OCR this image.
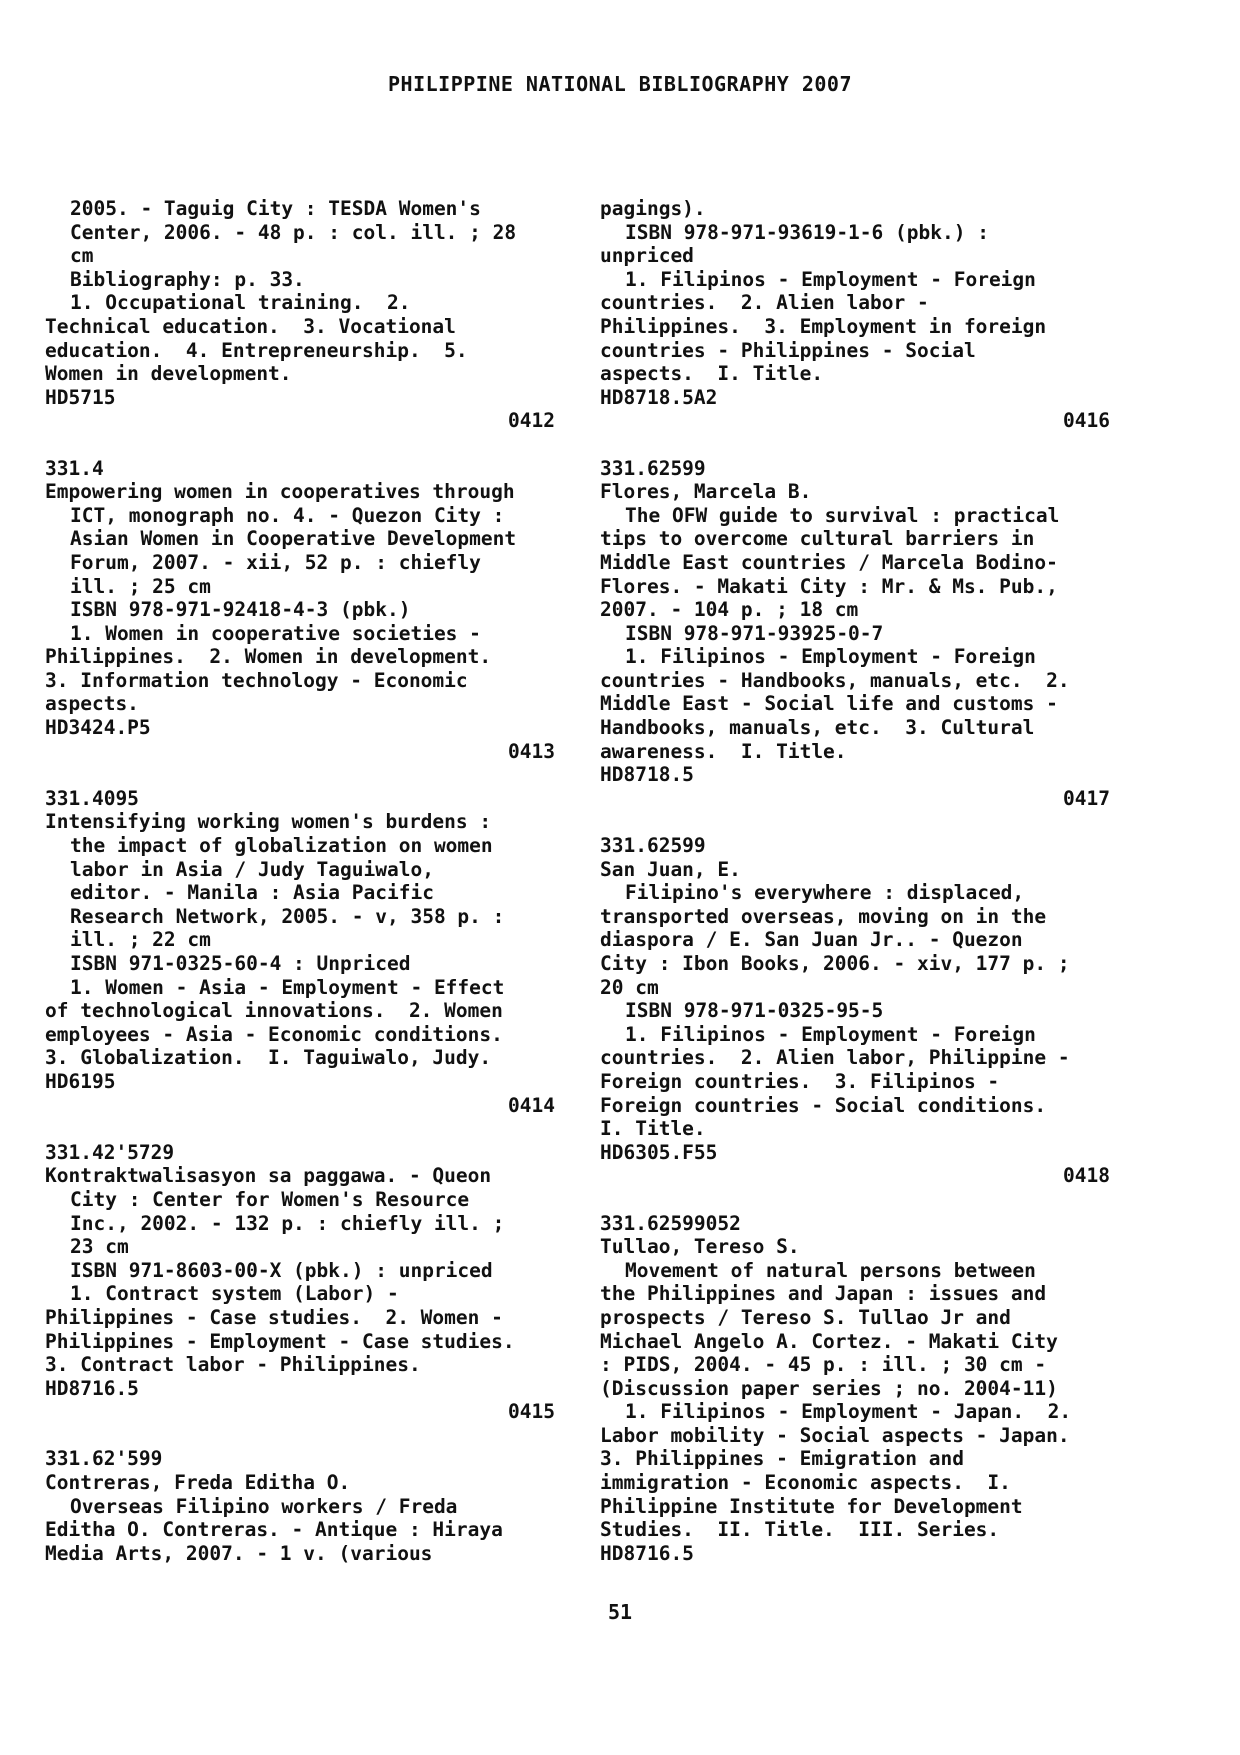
PHILIPPINE NATIONAL BIBLIOGRAPHY 2007
2005. - Taguig City : TESDA Women's
Center, 2006. - 48 p. : col. ill. ; 28
cm
Bibliography: p. 33.
1. Occupational training.  2.
Technical education.  3. Vocational
education.  4. Entrepreneurship.  5.
Women in development.
HD5715
0412
331.4
Empowering women in cooperatives through
ICT, monograph no. 4. - Quezon City :
Asian Women in Cooperative Development
Forum, 2007. - xii, 52 p. : chiefly
ill. ; 25 cm
ISBN 978-971-92418-4-3 (pbk.)
1. Women in cooperative societies -
Philippines.  2. Women in development.
3. Information technology - Economic
aspects.
HD3424.P5
0413
331.4095
Intensifying working women's burdens :
the impact of globalization on women
labor in Asia / Judy Taguiwalo,
editor. - Manila : Asia Pacific
Research Network, 2005. - v, 358 p. :
ill. ; 22 cm
ISBN 971-0325-60-4 : Unpriced
1. Women - Asia - Employment - Effect
of technological innovations.  2. Women
employees - Asia - Economic conditions.
3. Globalization.  I. Taguiwalo, Judy.
HD6195
0414
331.42'5729
Kontraktwalisasyon sa paggawa. - Queon
City : Center for Women's Resource
Inc., 2002. - 132 p. : chiefly ill. ;
23 cm
ISBN 971-8603-00-X (pbk.) : unpriced
1. Contract system (Labor) -
Philippines - Case studies.  2. Women -
Philippines - Employment - Case studies.
3. Contract labor - Philippines.
HD8716.5
0415
331.62'599
Contreras, Freda Editha O.
Overseas Filipino workers / Freda
Editha O. Contreras. - Antique : Hiraya
Media Arts, 2007. - 1 v. (various
pagings).
ISBN 978-971-93619-1-6 (pbk.) :
unpriced
1. Filipinos - Employment - Foreign
countries.  2. Alien labor -
Philippines.  3. Employment in foreign
countries - Philippines - Social
aspects.  I. Title.
HD8718.5A2
0416
331.62599
Flores, Marcela B.
The OFW guide to survival : practical
tips to overcome cultural barriers in
Middle East countries / Marcela Bodino-
Flores. - Makati City : Mr. & Ms. Pub.,
2007. - 104 p. ; 18 cm
ISBN 978-971-93925-0-7
1. Filipinos - Employment - Foreign
countries - Handbooks, manuals, etc.  2.
Middle East - Social life and customs -
Handbooks, manuals, etc.  3. Cultural
awareness.  I. Title.
HD8718.5
0417
331.62599
San Juan, E.
Filipino's everywhere : displaced,
transported overseas, moving on in the
diaspora / E. San Juan Jr.. - Quezon
City : Ibon Books, 2006. - xiv, 177 p. ;
20 cm
ISBN 978-971-0325-95-5
1. Filipinos - Employment - Foreign
countries.  2. Alien labor, Philippine -
Foreign countries.  3. Filipinos -
Foreign countries - Social conditions.
I. Title.
HD6305.F55
0418
331.62599052
Tullao, Tereso S.
Movement of natural persons between
the Philippines and Japan : issues and
prospects / Tereso S. Tullao Jr and
Michael Angelo A. Cortez. - Makati City
: PIDS, 2004. - 45 p. : ill. ; 30 cm -
(Discussion paper series ; no. 2004-11)
1. Filipinos - Employment - Japan.  2.
Labor mobility - Social aspects - Japan.
3. Philippines - Emigration and
immigration - Economic aspects.  I.
Philippine Institute for Development
Studies.  II. Title.  III. Series.
HD8716.5
51
